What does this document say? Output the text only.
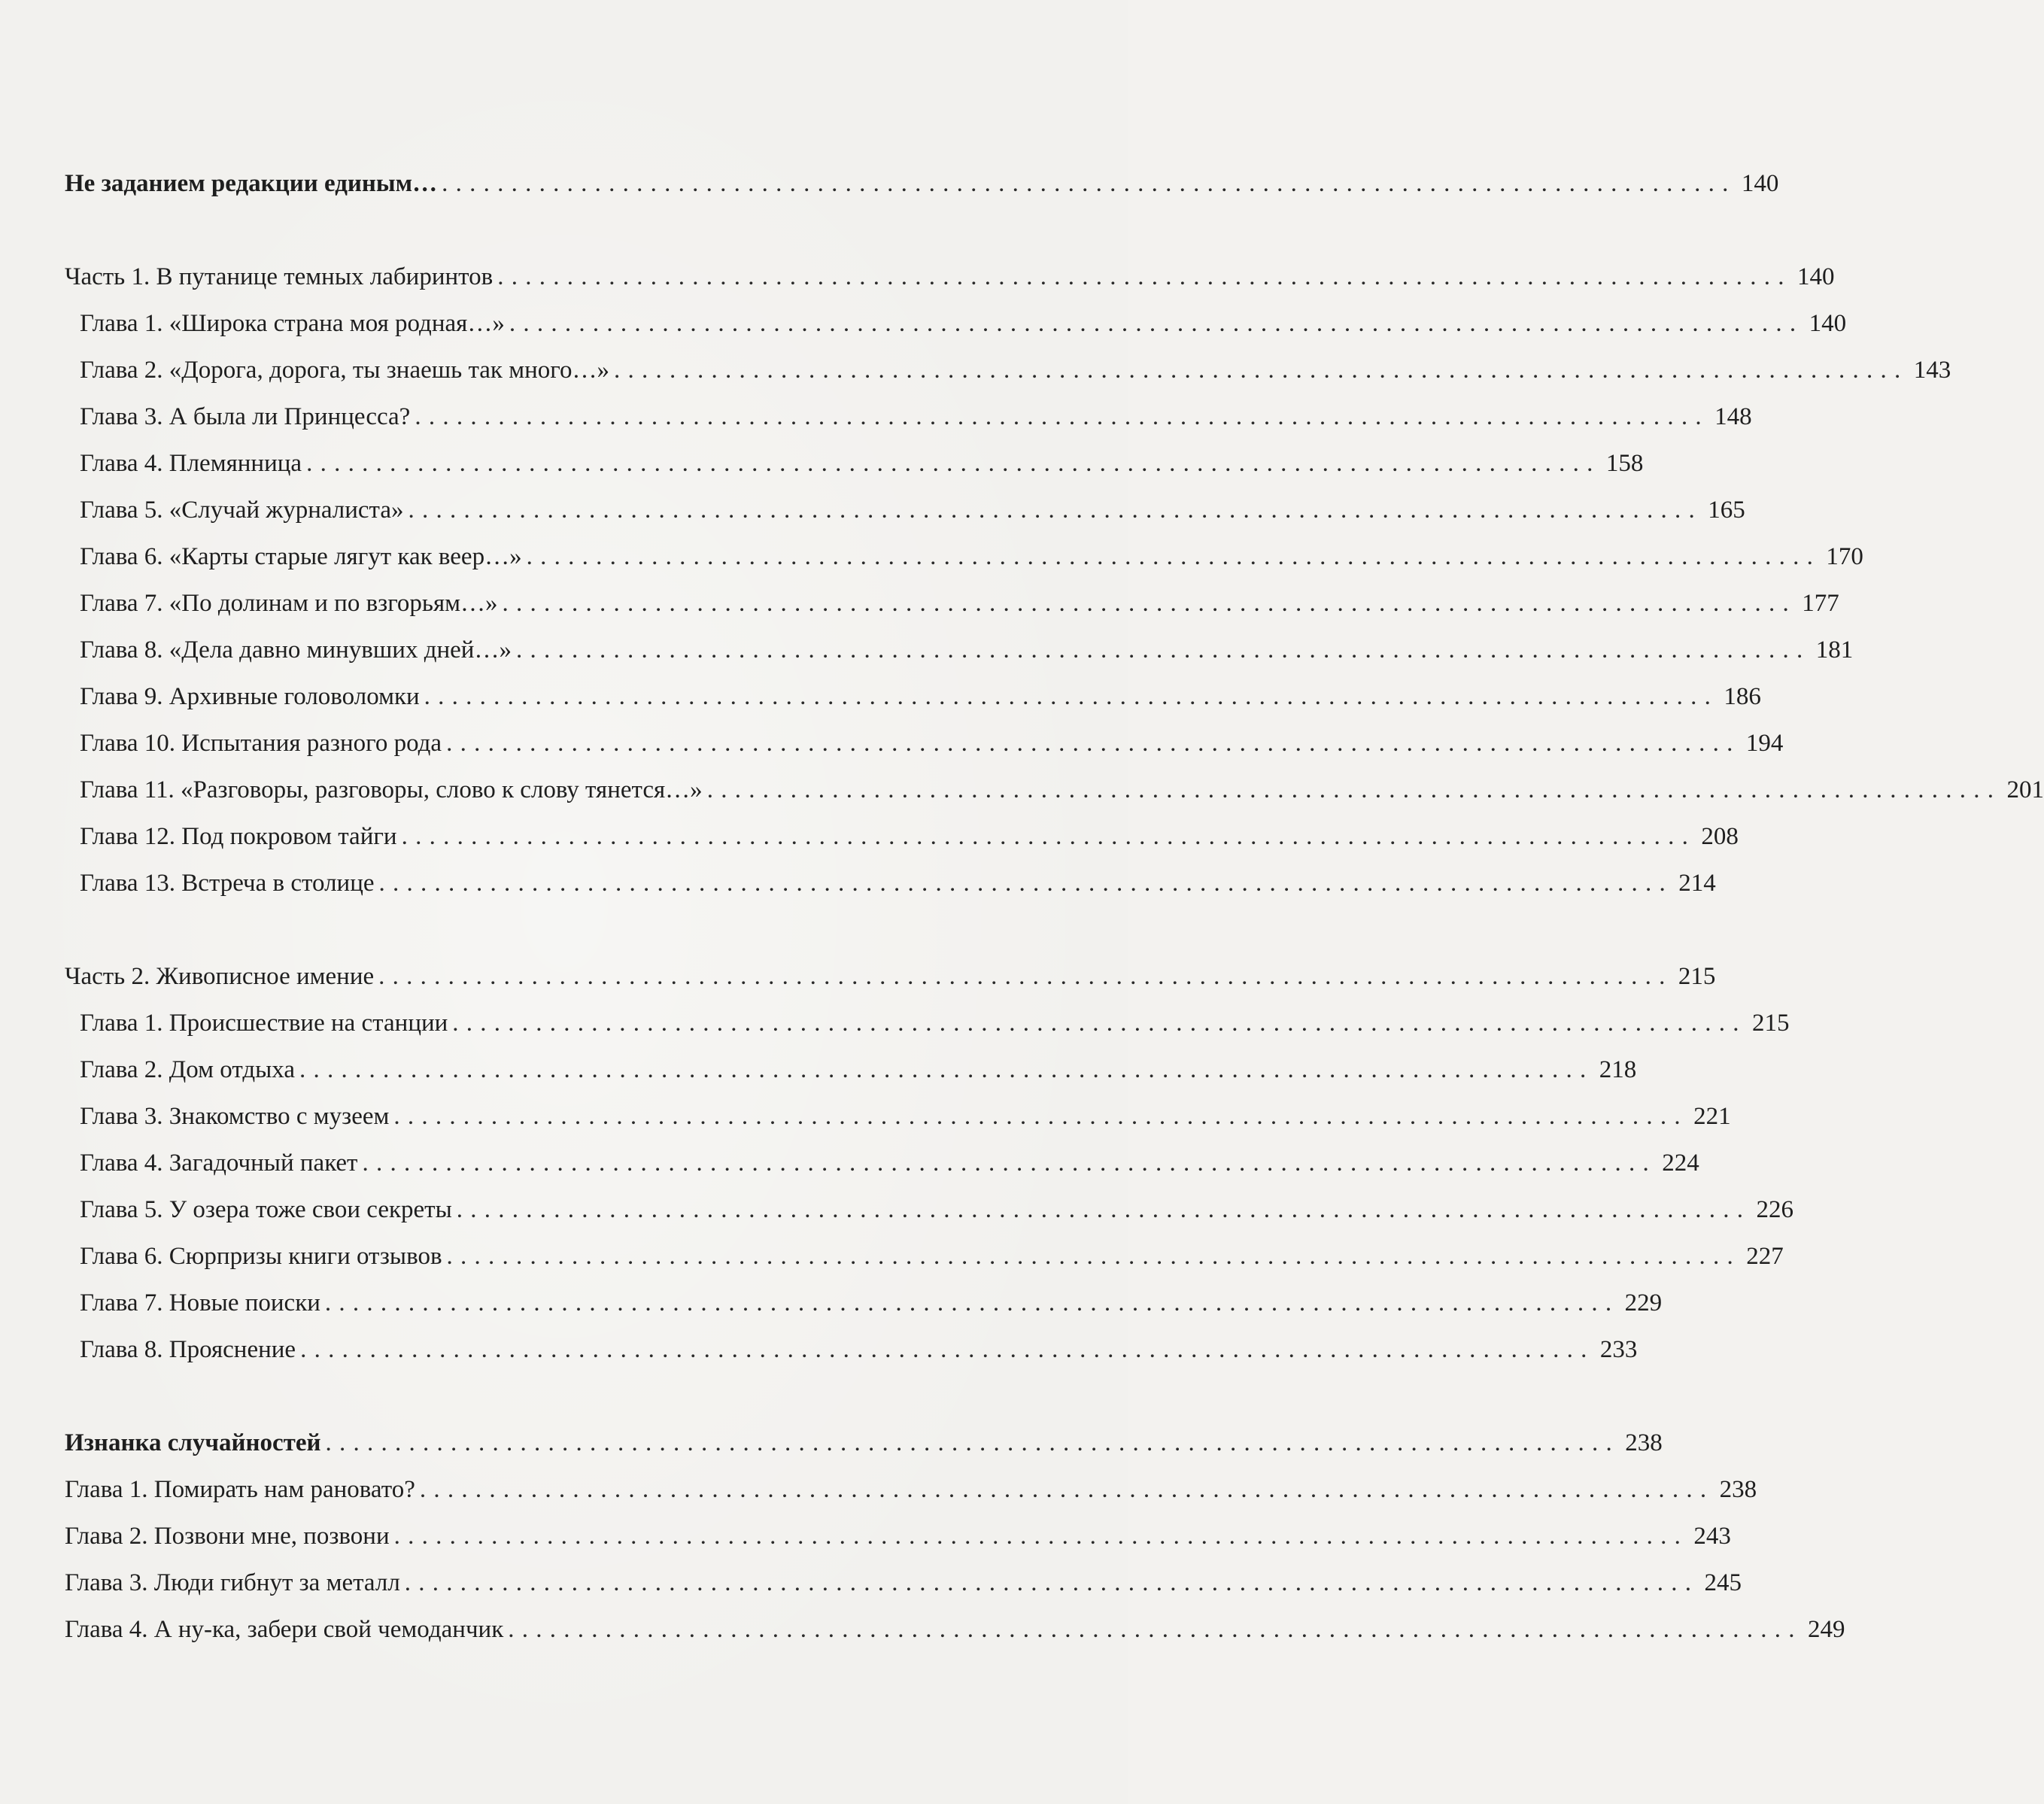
Не заданием редакции единым… . . . . . . . . . . . . . . . . . . . . . . . . . . . . . . . . . . . . . . . . . . . . . . . . . . . . . . . . . . . . . . . . . . . . . . . . . . . . . . . . . . . . . . . . . . . . . 140
Часть 1. В путанице темных лабиринтов . . . . . . . . . . . . . . . . . . . . . . . . . . . . . . . . . . . . . . . . . . . . . . . . . . . . . . . . . . . . . . . . . . . . . . . . . . . . . . . . . . . . . . . . . . . . . 140
Глава 1. «Широка страна моя родная…» . . . . . . . . . . . . . . . . . . . . . . . . . . . . . . . . . . . . . . . . . . . . . . . . . . . . . . . . . . . . . . . . . . . . . . . . . . . . . . . . . . . . . . . . . . . . . 140
Глава 2. «Дорога, дорога, ты знаешь так много…» . . . . . . . . . . . . . . . . . . . . . . . . . . . . . . . . . . . . . . . . . . . . . . . . . . . . . . . . . . . . . . . . . . . . . . . . . . . . . . . . . . . . . . . . . . . . . 143
Глава 3. А была ли Принцесса? . . . . . . . . . . . . . . . . . . . . . . . . . . . . . . . . . . . . . . . . . . . . . . . . . . . . . . . . . . . . . . . . . . . . . . . . . . . . . . . . . . . . . . . . . . . . . 148
Глава 4. Племянница . . . . . . . . . . . . . . . . . . . . . . . . . . . . . . . . . . . . . . . . . . . . . . . . . . . . . . . . . . . . . . . . . . . . . . . . . . . . . . . . . . . . . . . . . . . . . 158
Глава 5. «Случай журналиста» . . . . . . . . . . . . . . . . . . . . . . . . . . . . . . . . . . . . . . . . . . . . . . . . . . . . . . . . . . . . . . . . . . . . . . . . . . . . . . . . . . . . . . . . . . . . . 165
Глава 6. «Карты старые лягут как веер…» . . . . . . . . . . . . . . . . . . . . . . . . . . . . . . . . . . . . . . . . . . . . . . . . . . . . . . . . . . . . . . . . . . . . . . . . . . . . . . . . . . . . . . . . . . . . . 170
Глава 7. «По долинам и по взгорьям…» . . . . . . . . . . . . . . . . . . . . . . . . . . . . . . . . . . . . . . . . . . . . . . . . . . . . . . . . . . . . . . . . . . . . . . . . . . . . . . . . . . . . . . . . . . . . . 177
Глава 8. «Дела давно минувших дней…» . . . . . . . . . . . . . . . . . . . . . . . . . . . . . . . . . . . . . . . . . . . . . . . . . . . . . . . . . . . . . . . . . . . . . . . . . . . . . . . . . . . . . . . . . . . . . 181
Глава 9. Архивные головоломки . . . . . . . . . . . . . . . . . . . . . . . . . . . . . . . . . . . . . . . . . . . . . . . . . . . . . . . . . . . . . . . . . . . . . . . . . . . . . . . . . . . . . . . . . . . . . 186
Глава 10. Испытания разного рода . . . . . . . . . . . . . . . . . . . . . . . . . . . . . . . . . . . . . . . . . . . . . . . . . . . . . . . . . . . . . . . . . . . . . . . . . . . . . . . . . . . . . . . . . . . . . 194
Глава 11. «Разговоры, разговоры, слово к слову тянется…» . . . . . . . . . . . . . . . . . . . . . . . . . . . . . . . . . . . . . . . . . . . . . . . . . . . . . . . . . . . . . . . . . . . . . . . . . . . . . . . . . . . . . . . . . . . . . 201
Глава 12. Под покровом тайги . . . . . . . . . . . . . . . . . . . . . . . . . . . . . . . . . . . . . . . . . . . . . . . . . . . . . . . . . . . . . . . . . . . . . . . . . . . . . . . . . . . . . . . . . . . . . 208
Глава 13. Встреча в столице . . . . . . . . . . . . . . . . . . . . . . . . . . . . . . . . . . . . . . . . . . . . . . . . . . . . . . . . . . . . . . . . . . . . . . . . . . . . . . . . . . . . . . . . . . . . . 214
Часть 2. Живописное имение . . . . . . . . . . . . . . . . . . . . . . . . . . . . . . . . . . . . . . . . . . . . . . . . . . . . . . . . . . . . . . . . . . . . . . . . . . . . . . . . . . . . . . . . . . . . . 215
Глава 1. Происшествие на станции . . . . . . . . . . . . . . . . . . . . . . . . . . . . . . . . . . . . . . . . . . . . . . . . . . . . . . . . . . . . . . . . . . . . . . . . . . . . . . . . . . . . . . . . . . . . . 215
Глава 2. Дом отдыха . . . . . . . . . . . . . . . . . . . . . . . . . . . . . . . . . . . . . . . . . . . . . . . . . . . . . . . . . . . . . . . . . . . . . . . . . . . . . . . . . . . . . . . . . . . . . 218
Глава 3. Знакомство с музеем . . . . . . . . . . . . . . . . . . . . . . . . . . . . . . . . . . . . . . . . . . . . . . . . . . . . . . . . . . . . . . . . . . . . . . . . . . . . . . . . . . . . . . . . . . . . . 221
Глава 4. Загадочный пакет . . . . . . . . . . . . . . . . . . . . . . . . . . . . . . . . . . . . . . . . . . . . . . . . . . . . . . . . . . . . . . . . . . . . . . . . . . . . . . . . . . . . . . . . . . . . . 224
Глава 5. У озера тоже свои секреты . . . . . . . . . . . . . . . . . . . . . . . . . . . . . . . . . . . . . . . . . . . . . . . . . . . . . . . . . . . . . . . . . . . . . . . . . . . . . . . . . . . . . . . . . . . . . 226
Глава 6. Сюрпризы книги отзывов . . . . . . . . . . . . . . . . . . . . . . . . . . . . . . . . . . . . . . . . . . . . . . . . . . . . . . . . . . . . . . . . . . . . . . . . . . . . . . . . . . . . . . . . . . . . . 227
Глава 7. Новые поиски . . . . . . . . . . . . . . . . . . . . . . . . . . . . . . . . . . . . . . . . . . . . . . . . . . . . . . . . . . . . . . . . . . . . . . . . . . . . . . . . . . . . . . . . . . . . . 229
Глава 8. Прояснение . . . . . . . . . . . . . . . . . . . . . . . . . . . . . . . . . . . . . . . . . . . . . . . . . . . . . . . . . . . . . . . . . . . . . . . . . . . . . . . . . . . . . . . . . . . . . 233
Изнанка случайностей . . . . . . . . . . . . . . . . . . . . . . . . . . . . . . . . . . . . . . . . . . . . . . . . . . . . . . . . . . . . . . . . . . . . . . . . . . . . . . . . . . . . . . . . . . . . . 238
Глава 1. Помирать нам рановато? . . . . . . . . . . . . . . . . . . . . . . . . . . . . . . . . . . . . . . . . . . . . . . . . . . . . . . . . . . . . . . . . . . . . . . . . . . . . . . . . . . . . . . . . . . . . . 238
Глава 2. Позвони мне, позвони . . . . . . . . . . . . . . . . . . . . . . . . . . . . . . . . . . . . . . . . . . . . . . . . . . . . . . . . . . . . . . . . . . . . . . . . . . . . . . . . . . . . . . . . . . . . . 243
Глава 3. Люди гибнут за металл . . . . . . . . . . . . . . . . . . . . . . . . . . . . . . . . . . . . . . . . . . . . . . . . . . . . . . . . . . . . . . . . . . . . . . . . . . . . . . . . . . . . . . . . . . . . . 245
Глава 4. А ну-ка, забери свой чемоданчик . . . . . . . . . . . . . . . . . . . . . . . . . . . . . . . . . . . . . . . . . . . . . . . . . . . . . . . . . . . . . . . . . . . . . . . . . . . . . . . . . . . . . . . . . . . . . 249
